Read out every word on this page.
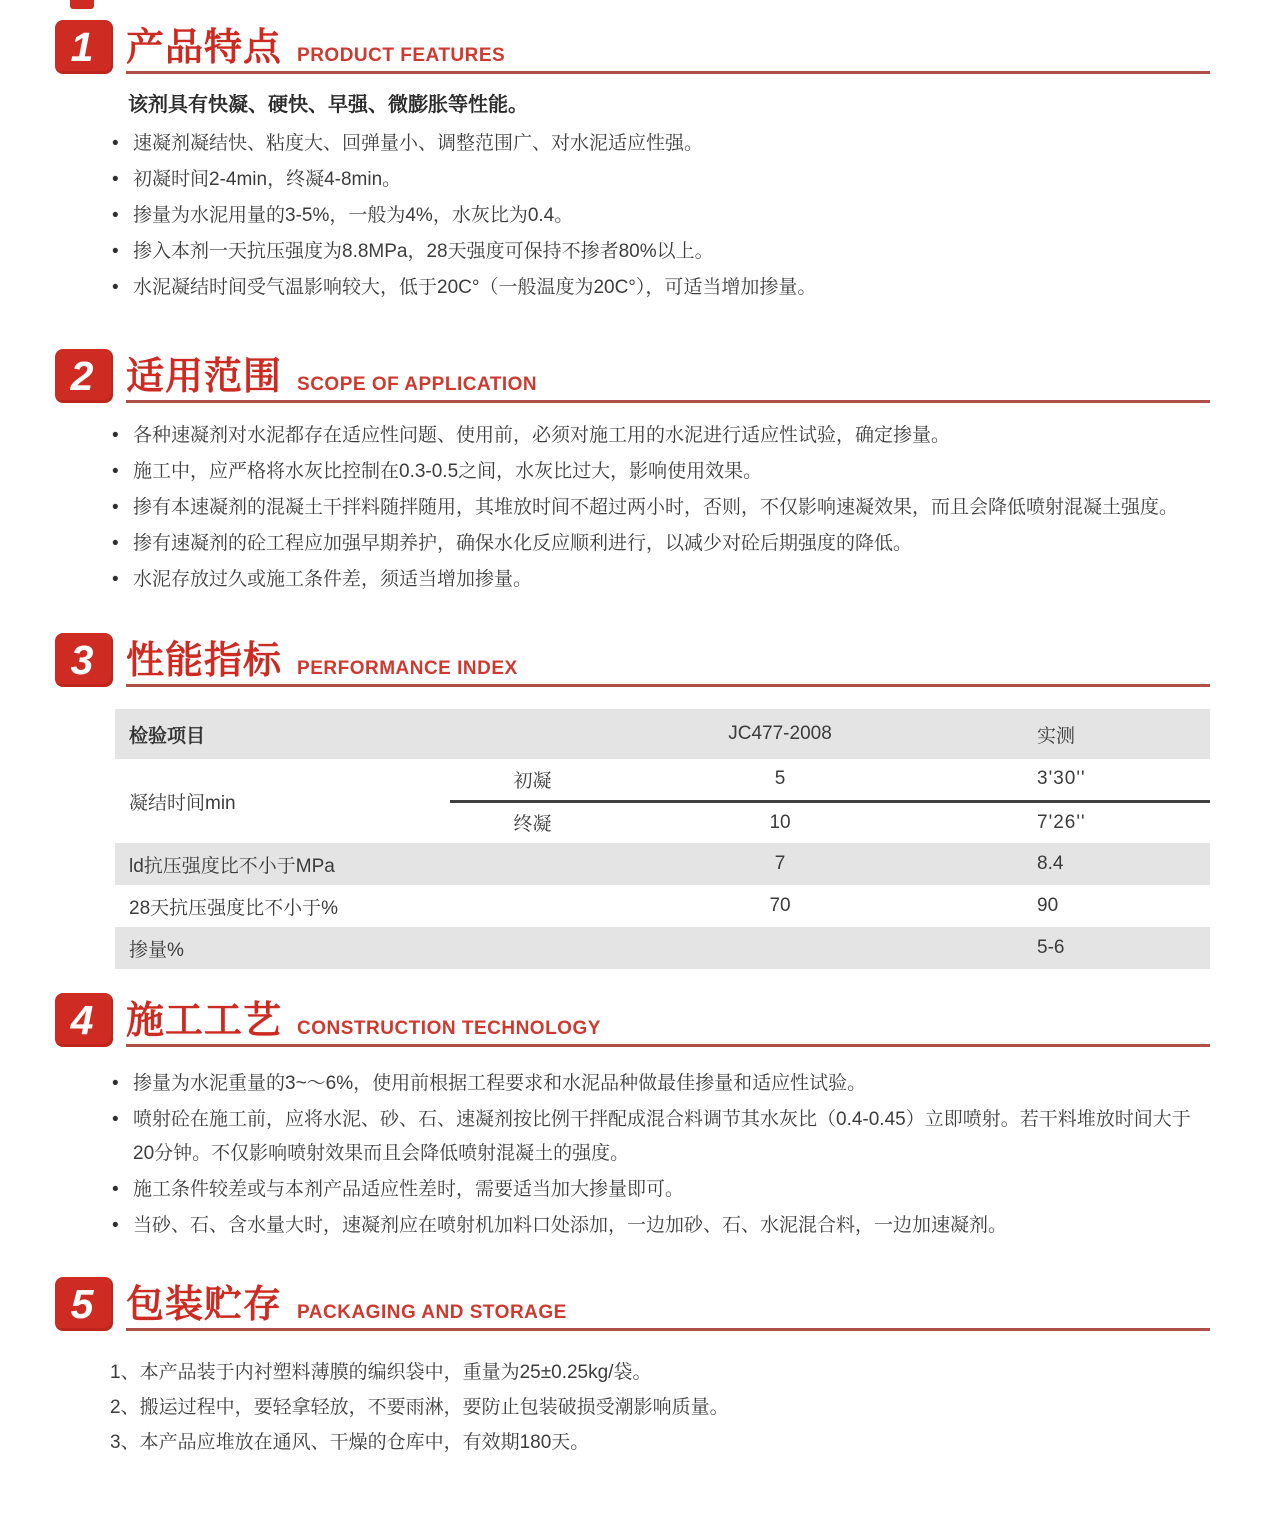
1 产品特点 PRODUCT FEATURES

该剂具有快凝、硬快、早强、微膨胀等性能。

• 速凝剂凝结快、粘度大、回弹量小、调整范围广、对水泥适应性强。
• 初凝时间2-4min，终凝4-8min。
• 掺量为水泥用量的3-5%，一般为4%，水灰比为0.4。
• 掺入本剂一天抗压强度为8.8MPa，28天强度可保持不掺者80%以上。
• 水泥凝结时间受气温影响较大，低于20C°（一般温度为20C°），可适当增加掺量。
2 适用范围 SCOPE OF APPLICATION
• 各种速凝剂对水泥都存在适应性问题、使用前，必须对施工用的水泥进行适应性试验，确定掺量。
• 施工中，应严格将水灰比控制在0.3-0.5之间，水灰比过大，影响使用效果。
• 掺有本速凝剂的混凝土干拌料随拌随用，其堆放时间不超过两小时，否则，不仅影响速凝效果，而且会降低喷射混凝土强度。
• 掺有速凝剂的砼工程应加强早期养护，确保水化反应顺利进行，以减少对砼后期强度的降低。
• 水泥存放过久或施工条件差，须适当增加掺量。
3 性能指标 PERFORMANCE INDEX
检验项目		JC477-2008	实测
凝结时间min	初凝	5	3'30''
	终凝	10	7'26''
ld抗压强度比不小于MPa		7	8.4
28天抗压强度比不小于%		70	90
掺量%			5-6
4 施工工艺 CONSTRUCTION TECHNOLOGY
• 掺量为水泥重量的3~～6%，使用前根据工程要求和水泥品种做最佳掺量和适应性试验。
• 喷射砼在施工前，应将水泥、砂、石、速凝剂按比例干拌配成混合料调节其水灰比（0.4-0.45）立即喷射。若干料堆放时间大于20分钟。不仅影响喷射效果而且会降低喷射混凝土的强度。
• 施工条件较差或与本剂产品适应性差时，需要适当加大掺量即可。
• 当砂、石、含水量大时，速凝剂应在喷射机加料口处添加，一边加砂、石、水泥混合料，一边加速凝剂。
5 包装贮存 PACKAGING AND STORAGE

1、本产品装于内衬塑料薄膜的编织袋中，重量为25±0.25kg/袋。

2、搬运过程中，要轻拿轻放，不要雨淋，要防止包装破损受潮影响质量。

3、本产品应堆放在通风、干燥的仓库中，有效期180天。
